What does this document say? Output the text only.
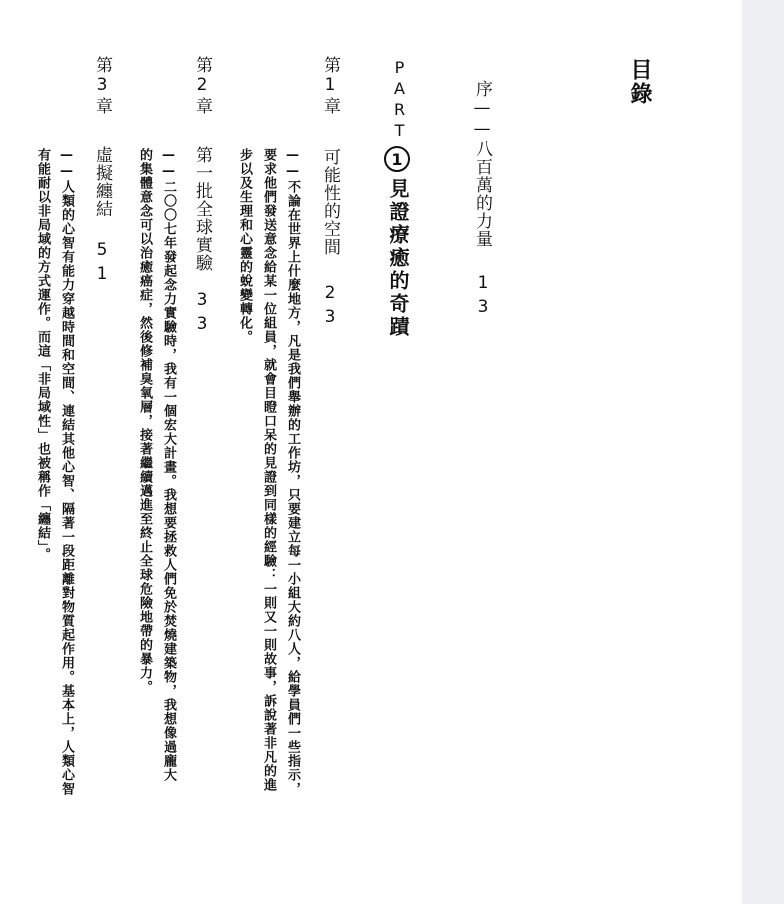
目錄
序——八百萬的力量
13
PART
1
見證療癒的奇蹟
第1章
可能性的空間
23
——不論在世界上什麼地方，凡是我們舉辦的工作坊，只要建立每一小組大約八人，給學員們一些指示，
要求他們發送意念給某一位組員，就會目瞪口呆的見證到同樣的經驗：一則又一則故事，訴說著非凡的進
步以及生理和心靈的蛻變轉化。
第2章
第一批全球實驗
33
——二〇〇七年發起念力實驗時，我有一個宏大計畫。我想要拯救人們免於焚燒建築物，我想像過龐大
的集體意念可以治癒癌症，然後修補臭氧層，接著繼續邁進至終止全球危險地帶的暴力。
第3章
虛擬纏結
51
——人類的心智有能力穿越時間和空間、連結其他心智、隔著一段距離對物質起作用。基本上，人類心智
有能耐以非局域的方式運作。而這「非局域性」也被稱作「纏結」。
